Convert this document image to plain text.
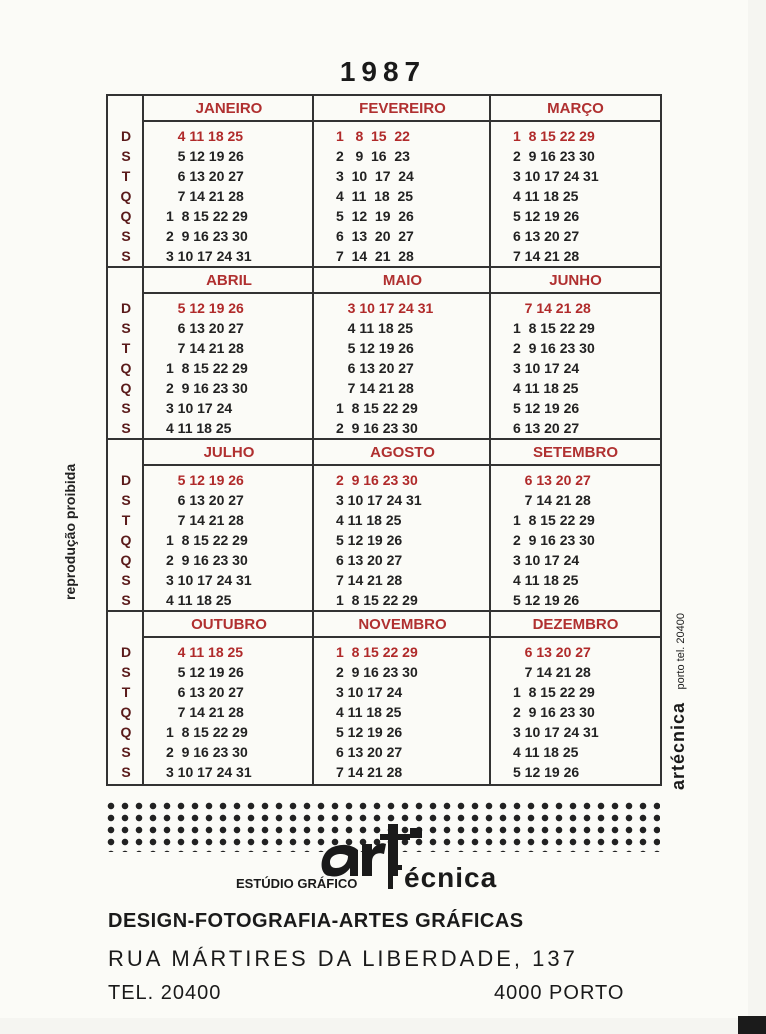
1987
D
S
T
Q
Q
S
S
JANEIRO
4 11 18 25
5 12 19 26
6 13 20 27
7 14 21 28
1  8 15 22 29
2  9 16 23 30
3 10 17 24 31
FEVEREIRO
1   8  15  22
2   9  16  23
3  10  17  24
4  11  18  25
5  12  19  26
6  13  20  27
7  14  21  28
MARÇO
1  8 15 22 29
2  9 16 23 30
3 10 17 24 31
4 11 18 25
5 12 19 26
6 13 20 27
7 14 21 28
D
S
T
Q
Q
S
S
ABRIL
5 12 19 26
6 13 20 27
7 14 21 28
1  8 15 22 29
2  9 16 23 30
3 10 17 24
4 11 18 25
MAIO
3 10 17 24 31
4 11 18 25
5 12 19 26
6 13 20 27
7 14 21 28
1  8 15 22 29
2  9 16 23 30
JUNHO
7 14 21 28
1  8 15 22 29
2  9 16 23 30
3 10 17 24
4 11 18 25
5 12 19 26
6 13 20 27
D
S
T
Q
Q
S
S
JULHO
5 12 19 26
6 13 20 27
7 14 21 28
1  8 15 22 29
2  9 16 23 30
3 10 17 24 31
4 11 18 25
AGOSTO
2  9 16 23 30
3 10 17 24 31
4 11 18 25
5 12 19 26
6 13 20 27
7 14 21 28
1  8 15 22 29
SETEMBRO
6 13 20 27
7 14 21 28
1  8 15 22 29
2  9 16 23 30
3 10 17 24
4 11 18 25
5 12 19 26
D
S
T
Q
Q
S
S
OUTUBRO
4 11 18 25
5 12 19 26
6 13 20 27
7 14 21 28
1  8 15 22 29
2  9 16 23 30
3 10 17 24 31
NOVEMBRO
1  8 15 22 29
2  9 16 23 30
3 10 17 24
4 11 18 25
5 12 19 26
6 13 20 27
7 14 21 28
DEZEMBRO
6 13 20 27
7 14 21 28
1  8 15 22 29
2  9 16 23 30
3 10 17 24 31
4 11 18 25
5 12 19 26
reprodução proibida
artécnica porto tel. 20400
ESTÚDIO GRÁFICO	écnica
DESIGN-FOTOGRAFIA-ARTES GRÁFICAS
RUA MÁRTIRES DA LIBERDADE, 137
TEL. 20400	4000 PORTO
